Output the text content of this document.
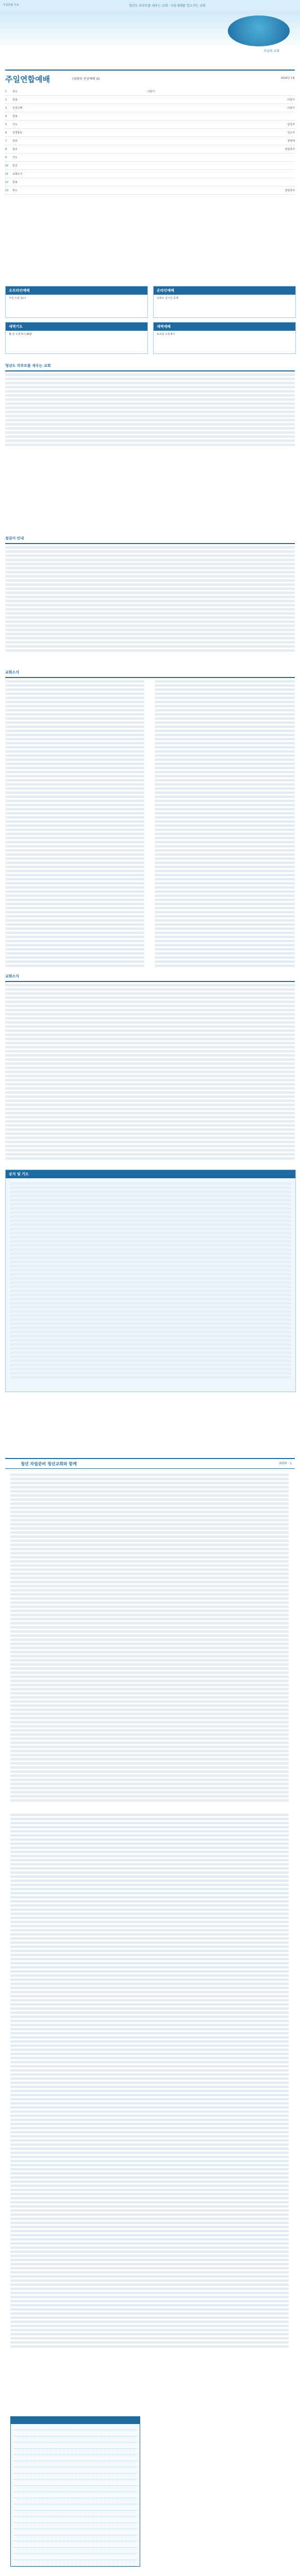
주일연합 주보	청년도 리부트를 세우는 교회 · 다음세대를 일으키는 교회
주님의 교회
주일연합예배	(영화와 찬양예배 O)	2020년 1월
1	묵도	다같이
2	찬송	다같이
3	신앙고백	다같이
4	찬송
5	기도	담당자
6	성경봉독	인도자
7	찬양	찬양대
8	설교	담임목사
9	기도
10	헌금
11	교회소식
12	찬송
13	축도	담임목사
오프라인예배
주일 오전 11시
온라인예배
유튜브 실시간 중계
새벽기도
월-금 오전 5시 30분
새벽예배
토요일 오전 6시
청년도 리부트를 세우는 교회
섬김이 안내
교회소식
교회소식
공지 및 기도
청년 자립준비 청년교회와 함께	2020 · 1
